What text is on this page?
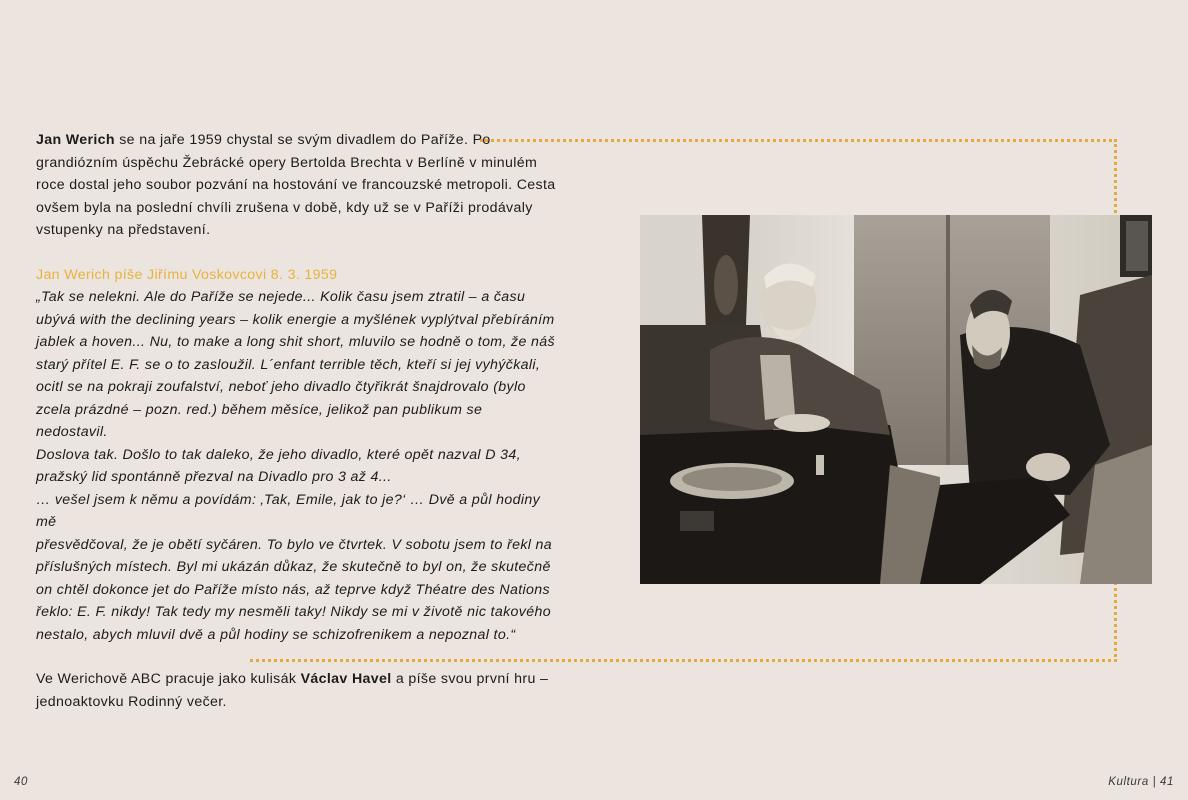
Jan Werich se na jaře 1959 chystal se svým divadlem do Paříže. Po grandiózním úspěchu Žebrácké opery Bertolda Brechta v Berlíně v minulém roce dostal jeho soubor pozvání na hostování ve francouzské metropoli. Cesta ovšem byla na poslední chvíli zrušena v době, kdy už se v Paříži prodávaly vstupenky na představení.

Jan Werich píše Jiřímu Voskovcovi 8. 3. 1959

„Tak se nelekni. Ale do Paříže se nejede... Kolik času jsem ztratil – a času
ubývá with the declining years – kolik energie a myšlének vyplýtval přebíráním
jablek a hoven... Nu, to make a long shit short, mluvilo se hodně o tom, že náš
starý přítel E. F. se o to zasloužil. L´enfant terrible těch, kteří si jej vyhýčkali,
ocitl se na pokraji zoufalství, neboť jeho divadlo čtyřikrát šnajdrovalo (bylo
zcela prázdné – pozn. red.) během měsíce, jelikož pan publikum se nedostavil.
Doslova tak. Došlo to tak daleko, že jeho divadlo, které opět nazval D 34,
pražský lid spontánně přezval na Divadlo pro 3 až 4...
… vešel jsem k němu a povídám: ‚Tak, Emile, jak to je?‘ … Dvě a půl hodiny mě
přesvědčoval, že je obětí syčáren. To bylo ve čtvrtek. V sobotu jsem to řekl na
příslušných místech. Byl mi ukázán důkaz, že skutečně to byl on, že skutečně
on chtěl dokonce jet do Paříže místo nás, až teprve když Théatre des Nations
řeklo: E. F. nikdy! Tak tedy my nesměli taky! Nikdy se mi v životě nic takového
nestalo, abych mluvil dvě a půl hodiny se schizofrenikem a nepoznal to.“

Ve Werichově ABC pracuje jako kulisák Václav Havel a píše svou první hru – jednoaktovku Rodinný večer.

40	Kultura | 41
